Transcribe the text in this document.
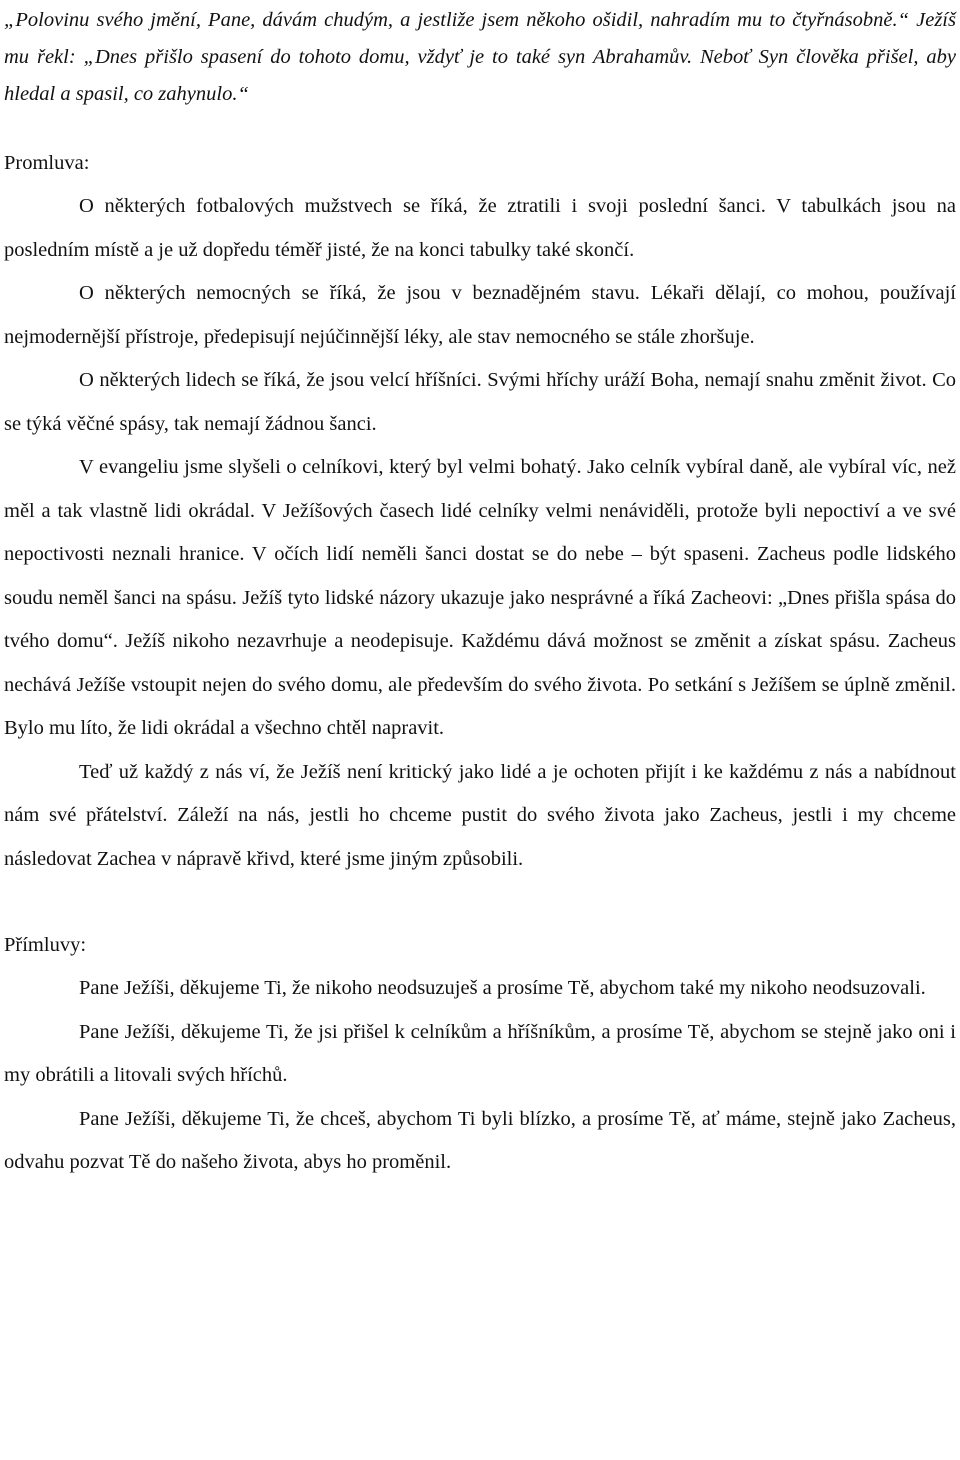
„Polovinu svého jmění, Pane, dávám chudým, a jestliže jsem někoho ošidil, nahradím mu to čtyřnásobně.“ Ježíš mu řekl: „Dnes přišlo spasení do tohoto domu, vždyť je to také syn Abrahamův. Neboť Syn člověka přišel, aby hledal a spasil, co zahynulo.“

Promluva:

O některých fotbalových mužstvech se říká, že ztratili i svoji poslední šanci. V tabulkách jsou na posledním místě a je už dopředu téměř jisté, že na konci tabulky také skončí.

O některých nemocných se říká, že jsou v beznadějném stavu. Lékaři dělají, co mohou, používají nejmodernější přístroje, předepisují nejúčinnější léky, ale stav nemocného se stále zhoršuje.

O některých lidech se říká, že jsou velcí hříšníci. Svými hříchy uráží Boha, nemají snahu změnit život. Co se týká věčné spásy, tak nemají žádnou šanci.

V evangeliu jsme slyšeli o celníkovi, který byl velmi bohatý. Jako celník vybíral daně, ale vybíral víc, než měl a tak vlastně lidi okrádal. V Ježíšových časech lidé celníky velmi nenáviděli, protože byli nepoctiví a ve své nepoctivosti neznali hranice. V očích lidí neměli šanci dostat se do nebe – být spaseni. Zacheus podle lidského soudu neměl šanci na spásu. Ježíš tyto lidské názory ukazuje jako nesprávné a říká Zacheovi: „Dnes přišla spása do tvého domu“. Ježíš nikoho nezavrhuje a neodepisuje. Každému dává možnost se změnit a získat spásu. Zacheus nechává Ježíše vstoupit nejen do svého domu, ale především do svého života. Po setkání s Ježíšem se úplně změnil. Bylo mu líto, že lidi okrádal a všechno chtěl napravit.

Teď už každý z nás ví, že Ježíš není kritický jako lidé a je ochoten přijít i ke každému z nás a nabídnout nám své přátelství. Záleží na nás, jestli ho chceme pustit do svého života jako Zacheus, jestli i my chceme následovat Zachea v nápravě křivd, které jsme jiným způsobili.

Přímluvy:

Pane Ježíši, děkujeme Ti, že nikoho neodsuzuješ a prosíme Tě, abychom také my nikoho neodsuzovali.

Pane Ježíši, děkujeme Ti, že jsi přišel k celníkům a hříšníkům, a prosíme Tě, abychom se stejně jako oni i my obrátili a litovali svých hříchů.

Pane Ježíši, děkujeme Ti, že chceš, abychom Ti byli blízko, a prosíme Tě, ať máme, stejně jako Zacheus, odvahu pozvat Tě do našeho života, abys ho proměnil.
